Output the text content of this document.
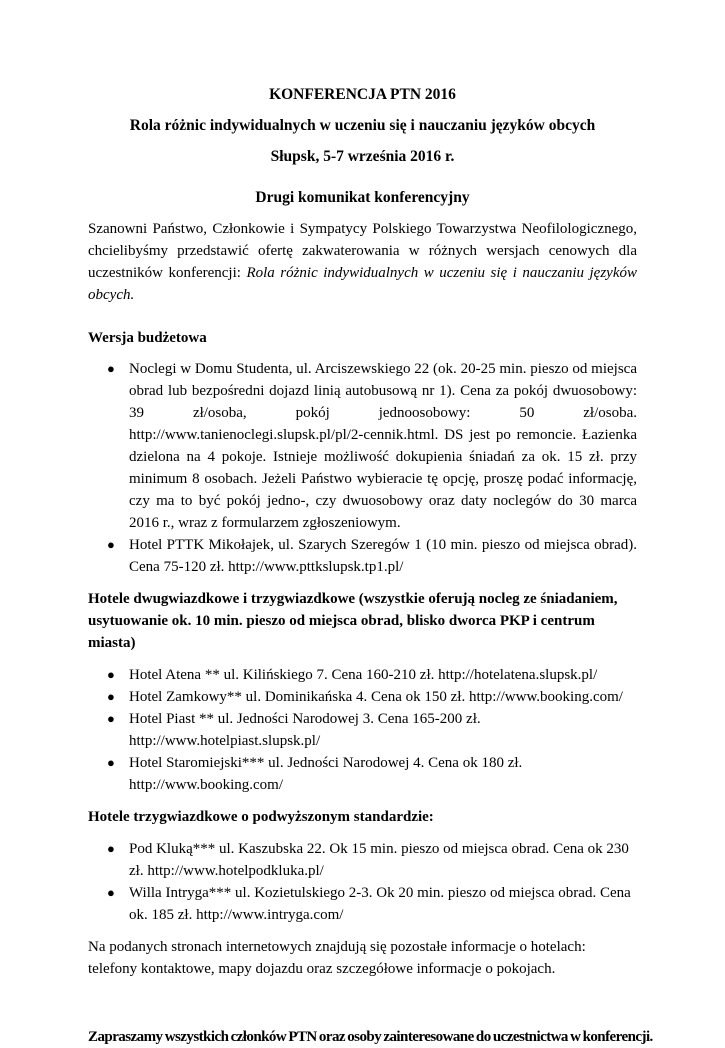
KONFERENCJA PTN 2016
Rola różnic indywidualnych w uczeniu się i nauczaniu języków obcych
Słupsk, 5-7 września 2016 r.
Drugi komunikat konferencyjny

Szanowni Państwo, Członkowie i Sympatycy Polskiego Towarzystwa Neofilologicznego, chcielibyśmy przedstawić ofertę zakwaterowania w różnych wersjach cenowych dla uczestników konferencji: Rola różnic indywidualnych w uczeniu się i nauczaniu języków obcych.

Wersja budżetowa
● Noclegi w Domu Studenta, ul. Arciszewskiego 22 (ok. 20-25 min. pieszo od miejsca obrad lub bezpośredni dojazd linią autobusową nr 1). Cena za pokój dwuosobowy: 39 zł/osoba, pokój jednoosobowy: 50 zł/osoba. http://www.tanienoclegi.slupsk.pl/pl/2-cennik.html. DS jest po remoncie. Łazienka dzielona na 4 pokoje. Istnieje możliwość dokupienia śniadań za ok. 15 zł. przy minimum 8 osobach. Jeżeli Państwo wybieracie tę opcję, proszę podać informację, czy ma to być pokój jedno-, czy dwuosobowy oraz daty noclegów do 30 marca 2016 r., wraz z formularzem zgłoszeniowym.
● Hotel PTTK Mikołajek, ul. Szarych Szeregów 1 (10 min. pieszo od miejsca obrad). Cena 75-120 zł. http://www.pttkslupsk.tp1.pl/
Hotele dwugwiazdkowe i trzygwiazdkowe (wszystkie oferują nocleg ze śniadaniem, usytuowanie ok. 10 min. pieszo od miejsca obrad, blisko dworca PKP i centrum miasta)
● Hotel Atena ** ul. Kilińskiego 7. Cena 160-210 zł. http://hotelatena.slupsk.pl/
● Hotel Zamkowy** ul. Dominikańska 4. Cena ok 150 zł. http://www.booking.com/
● Hotel Piast ** ul. Jedności Narodowej 3. Cena 165-200 zł. http://www.hotelpiast.slupsk.pl/
● Hotel Staromiejski*** ul. Jedności Narodowej 4. Cena ok 180 zł. http://www.booking.com/
Hotele trzygwiazdkowe o podwyższonym standardzie:
● Pod Kluką*** ul. Kaszubska 22. Ok 15 min. pieszo od miejsca obrad. Cena ok 230 zł. http://www.hotelpodkluka.pl/
● Willa Intryga*** ul. Kozietulskiego 2-3. Ok 20 min. pieszo od miejsca obrad. Cena ok. 185 zł. http://www.intryga.com/

Na podanych stronach internetowych znajdują się pozostałe informacje o hotelach: telefony kontaktowe, mapy dojazdu oraz szczegółowe informacje o pokojach.

Zapraszamy wszystkich członków PTN oraz osoby zainteresowane do uczestnictwa w konferencji.
